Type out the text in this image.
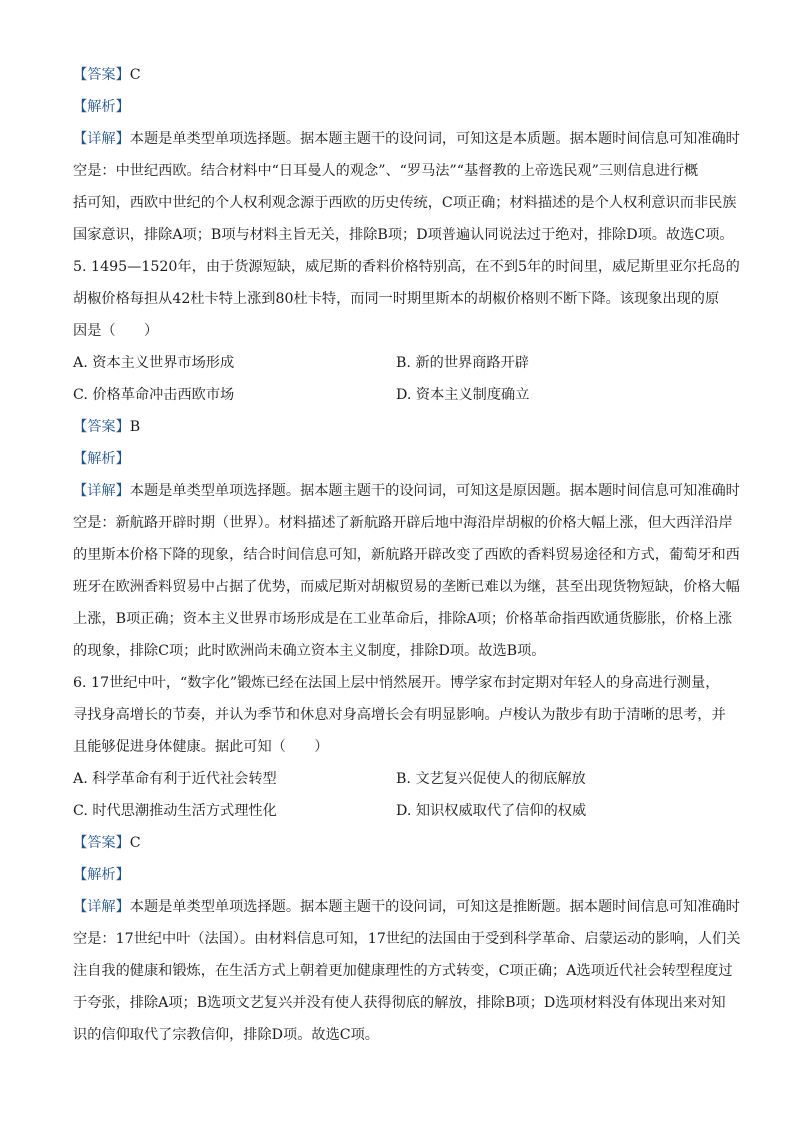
【答案】C
【解析】
【详解】本题是单类型单项选择题。据本题主题干的设问词，可知这是本质题。据本题时间信息可知准确时
空是：中世纪西欧。结合材料中“日耳曼人的观念”、“罗马法”“基督教的上帝选民观”三则信息进行概
括可知，西欧中世纪的个人权利观念源于西欧的历史传统，C项正确；材料描述的是个人权利意识而非民族
国家意识，排除A项；B项与材料主旨无关，排除B项；D项普遍认同说法过于绝对，排除D项。故选C项。
5. 1495—1520年，由于货源短缺，威尼斯的香料价格特别高，在不到5年的时间里，威尼斯里亚尔托岛的
胡椒价格每担从42杜卡特上涨到80杜卡特，而同一时期里斯本的胡椒价格则不断下降。该现象出现的原
因是（　　）
A. 资本主义世界市场形成	B. 新的世界商路开辟
C. 价格革命冲击西欧市场	D. 资本主义制度确立
【答案】B
【解析】
【详解】本题是单类型单项选择题。据本题主题干的设问词，可知这是原因题。据本题时间信息可知准确时
空是：新航路开辟时期（世界）。材料描述了新航路开辟后地中海沿岸胡椒的价格大幅上涨，但大西洋沿岸
的里斯本价格下降的现象，结合时间信息可知，新航路开辟改变了西欧的香料贸易途径和方式，葡萄牙和西
班牙在欧洲香料贸易中占据了优势，而威尼斯对胡椒贸易的垄断已难以为继，甚至出现货物短缺，价格大幅
上涨，B项正确；资本主义世界市场形成是在工业革命后，排除A项；价格革命指西欧通货膨胀，价格上涨
的现象，排除C项；此时欧洲尚未确立资本主义制度，排除D项。故选B项。
6. 17世纪中叶，“数字化”锻炼已经在法国上层中悄然展开。博学家布封定期对年轻人的身高进行测量，
寻找身高增长的节奏，并认为季节和休息对身高增长会有明显影响。卢梭认为散步有助于清晰的思考，并
且能够促进身体健康。据此可知（　　）
A. 科学革命有利于近代社会转型	B. 文艺复兴促使人的彻底解放
C. 时代思潮推动生活方式理性化	D. 知识权威取代了信仰的权威
【答案】C
【解析】
【详解】本题是单类型单项选择题。据本题主题干的设问词，可知这是推断题。据本题时间信息可知准确时
空是：17世纪中叶（法国）。由材料信息可知，17世纪的法国由于受到科学革命、启蒙运动的影响，人们关
注自我的健康和锻炼，在生活方式上朝着更加健康理性的方式转变，C项正确；A选项近代社会转型程度过
于夸张，排除A项；B选项文艺复兴并没有使人获得彻底的解放，排除B项；D选项材料没有体现出来对知
识的信仰取代了宗教信仰，排除D项。故选C项。
